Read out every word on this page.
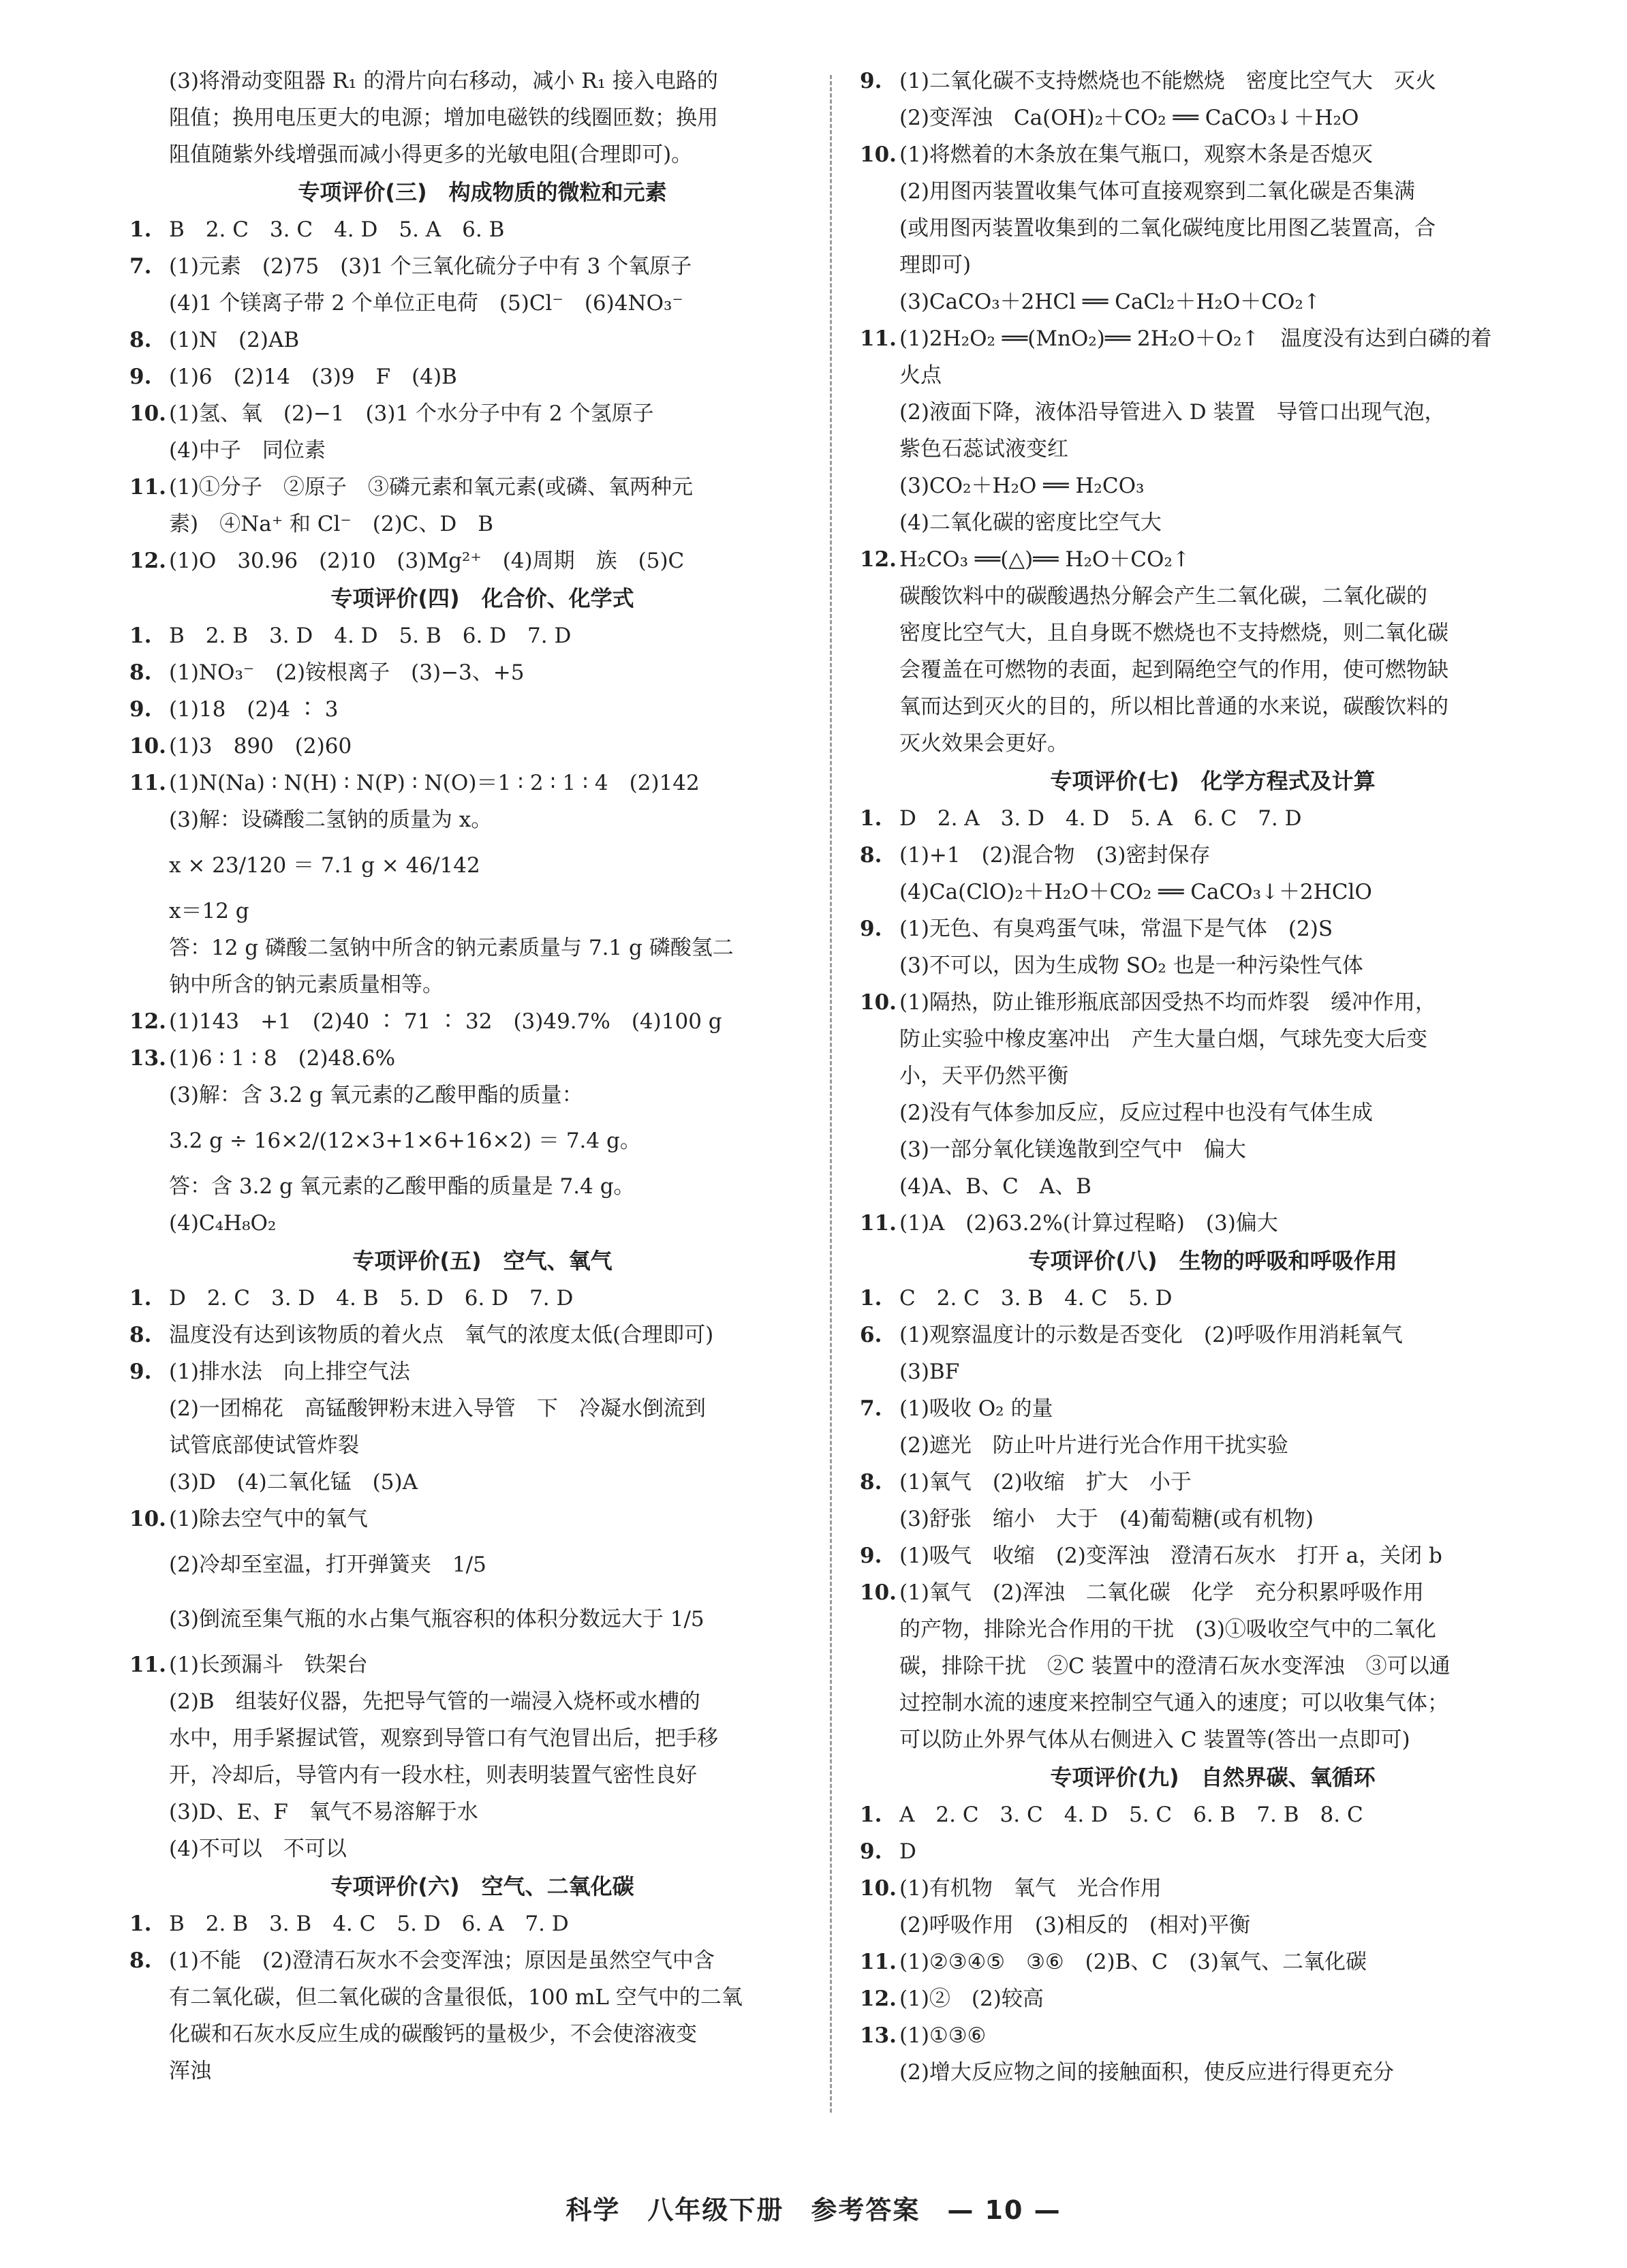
(3)将滑动变阻器 R₁ 的滑片向右移动，减小 R₁ 接入电路的
阻值；换用电压更大的电源；增加电磁铁的线圈匝数；换用
阻值随紫外线增强而减小得更多的光敏电阻(合理即可)。
专项评价(三)　构成物质的微粒和元素
1. B　2. C　3. C　4. D　5. A　6. B
7. (1)元素　(2)75　(3)1 个三氧化硫分子中有 3 个氧原子
(4)1 个镁离子带 2 个单位正电荷　(5)Cl⁻　(6)4NO₃⁻
8. (1)N　(2)AB
9. (1)6　(2)14　(3)9　F　(4)B
10. (1)氢、氧　(2)−1　(3)1 个水分子中有 2 个氢原子
(4)中子　同位素
11. (1)①分子　②原子　③磷元素和氧元素(或磷、氧两种元
素)　④Na⁺ 和 Cl⁻　(2)C、D　B
12. (1)O　30.96　(2)10　(3)Mg²⁺　(4)周期　族　(5)C
专项评价(四)　化合价、化学式
1. B　2. B　3. D　4. D　5. B　6. D　7. D
8. (1)NO₃⁻　(2)铵根离子　(3)−3、+5
9. (1)18　(2)4 ∶ 3
10. (1)3　890　(2)60
11. (1)N(Na) ∶ N(H) ∶ N(P) ∶ N(O)＝1 ∶ 2 ∶ 1 ∶ 4　(2)142
(3)解：设磷酸二氢钠的质量为 x。
x × 23/120 ＝ 7.1 g × 46/142
x＝12 g
答：12 g 磷酸二氢钠中所含的钠元素质量与 7.1 g 磷酸氢二
钠中所含的钠元素质量相等。
12. (1)143　+1　(2)40 ∶ 71 ∶ 32　(3)49.7%　(4)100 g
13. (1)6 ∶ 1 ∶ 8　(2)48.6%
(3)解：含 3.2 g 氧元素的乙酸甲酯的质量：
3.2 g ÷ 16×2/(12×3+1×6+16×2) ＝ 7.4 g。
答：含 3.2 g 氧元素的乙酸甲酯的质量是 7.4 g。
(4)C₄H₈O₂
专项评价(五)　空气、氧气
1. D　2. C　3. D　4. B　5. D　6. D　7. D
8. 温度没有达到该物质的着火点　氧气的浓度太低(合理即可)
9. (1)排水法　向上排空气法
(2)一团棉花　高锰酸钾粉末进入导管　下　冷凝水倒流到
试管底部使试管炸裂
(3)D　(4)二氧化锰　(5)A
10. (1)除去空气中的氧气
(2)冷却至室温，打开弹簧夹　1/5
(3)倒流至集气瓶的水占集气瓶容积的体积分数远大于 1/5
11. (1)长颈漏斗　铁架台
(2)B　组装好仪器，先把导气管的一端浸入烧杯或水槽的
水中，用手紧握试管，观察到导管口有气泡冒出后，把手移
开，冷却后，导管内有一段水柱，则表明装置气密性良好
(3)D、E、F　氧气不易溶解于水
(4)不可以　不可以
专项评价(六)　空气、二氧化碳
1. B　2. B　3. B　4. C　5. D　6. A　7. D
8. (1)不能　(2)澄清石灰水不会变浑浊；原因是虽然空气中含
有二氧化碳，但二氧化碳的含量很低，100 mL 空气中的二氧
化碳和石灰水反应生成的碳酸钙的量极少，不会使溶液变
浑浊
9. (1)二氧化碳不支持燃烧也不能燃烧　密度比空气大　灭火
(2)变浑浊　Ca(OH)₂＋CO₂ ══ CaCO₃↓＋H₂O
10. (1)将燃着的木条放在集气瓶口，观察木条是否熄灭
(2)用图丙装置收集气体可直接观察到二氧化碳是否集满
(或用图丙装置收集到的二氧化碳纯度比用图乙装置高，合
理即可)
(3)CaCO₃＋2HCl ══ CaCl₂＋H₂O＋CO₂↑
11. (1)2H₂O₂ ══(MnO₂)══ 2H₂O＋O₂↑　温度没有达到白磷的着
火点
(2)液面下降，液体沿导管进入 D 装置　导管口出现气泡，
紫色石蕊试液变红
(3)CO₂＋H₂O ══ H₂CO₃
(4)二氧化碳的密度比空气大
12. H₂CO₃ ══(△)══ H₂O＋CO₂↑
碳酸饮料中的碳酸遇热分解会产生二氧化碳，二氧化碳的
密度比空气大，且自身既不燃烧也不支持燃烧，则二氧化碳
会覆盖在可燃物的表面，起到隔绝空气的作用，使可燃物缺
氧而达到灭火的目的，所以相比普通的水来说，碳酸饮料的
灭火效果会更好。
专项评价(七)　化学方程式及计算
1. D　2. A　3. D　4. D　5. A　6. C　7. D
8. (1)+1　(2)混合物　(3)密封保存
(4)Ca(ClO)₂＋H₂O＋CO₂ ══ CaCO₃↓＋2HClO
9. (1)无色、有臭鸡蛋气味，常温下是气体　(2)S
(3)不可以，因为生成物 SO₂ 也是一种污染性气体
10. (1)隔热，防止锥形瓶底部因受热不均而炸裂　缓冲作用，
防止实验中橡皮塞冲出　产生大量白烟，气球先变大后变
小，天平仍然平衡
(2)没有气体参加反应，反应过程中也没有气体生成
(3)一部分氧化镁逸散到空气中　偏大
(4)A、B、C　A、B
11. (1)A　(2)63.2%(计算过程略)　(3)偏大
专项评价(八)　生物的呼吸和呼吸作用
1. C　2. C　3. B　4. C　5. D
6. (1)观察温度计的示数是否变化　(2)呼吸作用消耗氧气
(3)BF
7. (1)吸收 O₂ 的量
(2)遮光　防止叶片进行光合作用干扰实验
8. (1)氧气　(2)收缩　扩大　小于
(3)舒张　缩小　大于　(4)葡萄糖(或有机物)
9. (1)吸气　收缩　(2)变浑浊　澄清石灰水　打开 a，关闭 b
10. (1)氧气　(2)浑浊　二氧化碳　化学　充分积累呼吸作用
的产物，排除光合作用的干扰　(3)①吸收空气中的二氧化
碳，排除干扰　②C 装置中的澄清石灰水变浑浊　③可以通
过控制水流的速度来控制空气通入的速度；可以收集气体；
可以防止外界气体从右侧进入 C 装置等(答出一点即可)
专项评价(九)　自然界碳、氧循环
1. A　2. C　3. C　4. D　5. C　6. B　7. B　8. C
9. D
10. (1)有机物　氧气　光合作用
(2)呼吸作用　(3)相反的　(相对)平衡
11. (1)②③④⑤　③⑥　(2)B、C　(3)氧气、二氧化碳
12. (1)②　(2)较高
13. (1)①③⑥
(2)增大反应物之间的接触面积，使反应进行得更充分
科学　八年级下册　参考答案　— 10 —
